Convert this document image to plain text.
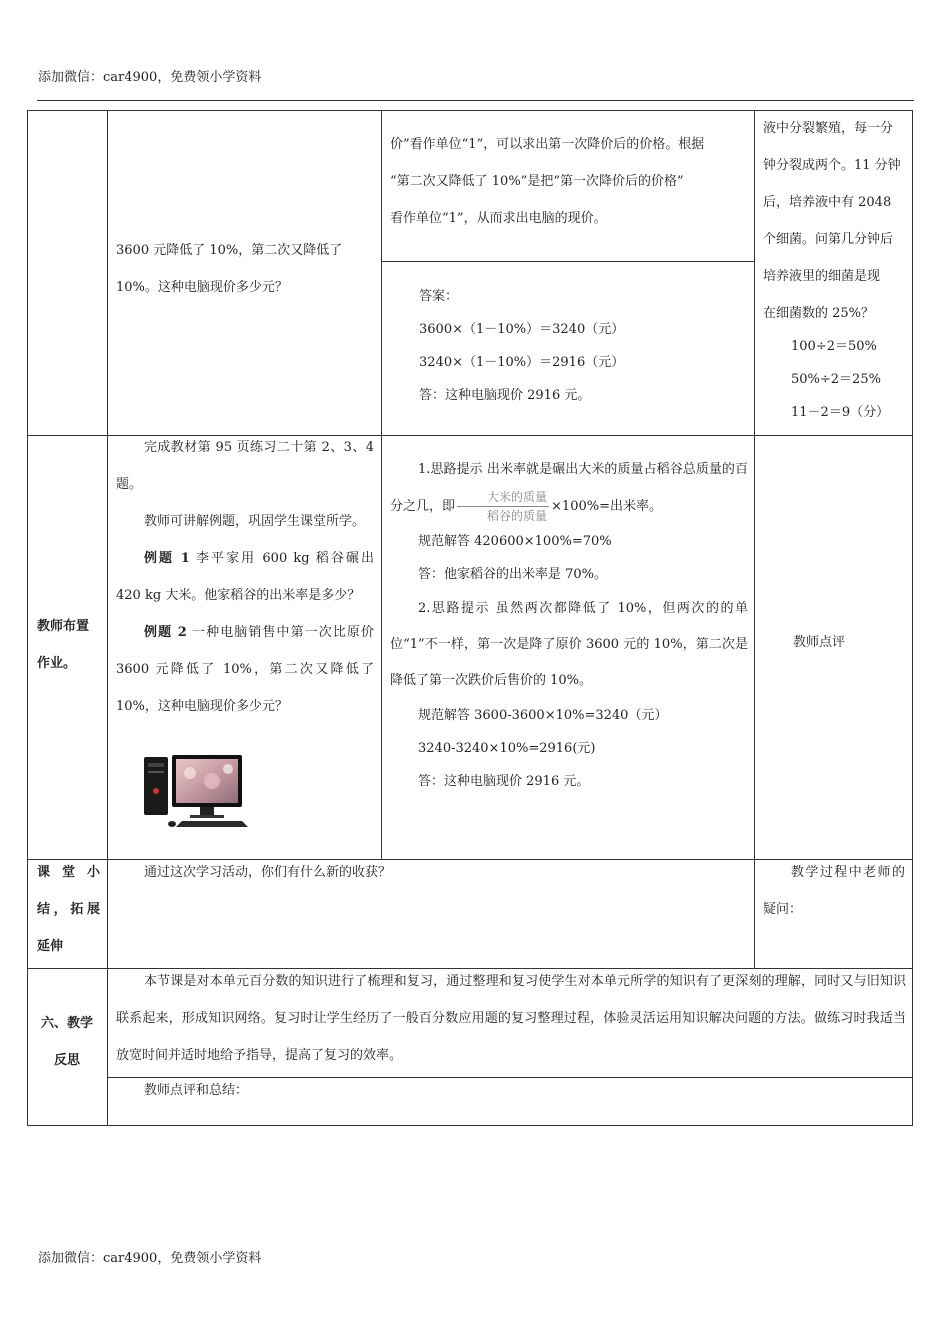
添加微信：car4900，免费领小学资料
添加微信：car4900，免费领小学资料

3600 元降低了 10%，第二次又降低了

10%。这种电脑现价多少元？

价”看作单位“1”，可以求出第一次降价后的价格。根据

“第二次又降低了 10%”是把“第一次降价后的价格”

看作单位“1”，从而求出电脑的现价。

答案：

3600×（1－10%）＝3240（元）

3240×（1－10%）＝2916（元）

答：这种电脑现价 2916 元。

液中分裂繁殖，每一分

钟分裂成两个。11 分钟

后，培养液中有 2048

个细菌。问第几分钟后

培养液里的细菌是现

在细菌数的 25%？

100÷2＝50%

50%÷2＝25%

11－2＝9（分）

教师布置

作业。

完成教材第 95 页练习二十第 2、3、4 题。

教师可讲解例题，巩固学生课堂所学。

例题 1 李平家用 600 kg 稻谷碾出 420 kg 大米。他家稻谷的出米率是多少？

例题 2 一种电脑销售中第一次比原价 3600 元降低了 10%，第二次又降低了 10%，这种电脑现价多少元？

1.思路提示 出米率就是碾出大米的质量占稻谷总质量的百分之几，即 $\frac{\text{大米的质量}}{\text{稻谷的质量}} \times 100\%=$出米率。

规范解答 420600×100%=70%

答：他家稻谷的出米率是 70%。

2.思路提示 虽然两次都降低了 10%，但两次的的单位“1”不一样，第一次是降了原价 3600 元的 10%，第二次是降低了第一次跌价后售价的 10%。

规范解答 3600-3600×10%=3240（元）

3240-3240×10%=2916(元)

答：这种电脑现价 2916 元。

教师点评
课 堂 小 结，拓展 延伸

通过这次学习活动，你们有什么新的收获？	教学过程中老师的疑问：

六、教学

反思

本节课是对本单元百分数的知识进行了梳理和复习，通过整理和复习使学生对本单元所学的知识有了更深刻的理解，同时又与旧知识联系起来，形成知识网络。复习时让学生经历了一般百分数应用题的复习整理过程，体验灵活运用知识解决问题的方法。做练习时我适当放宽时间并适时地给予指导，提高了复习的效率。

教师点评和总结：
